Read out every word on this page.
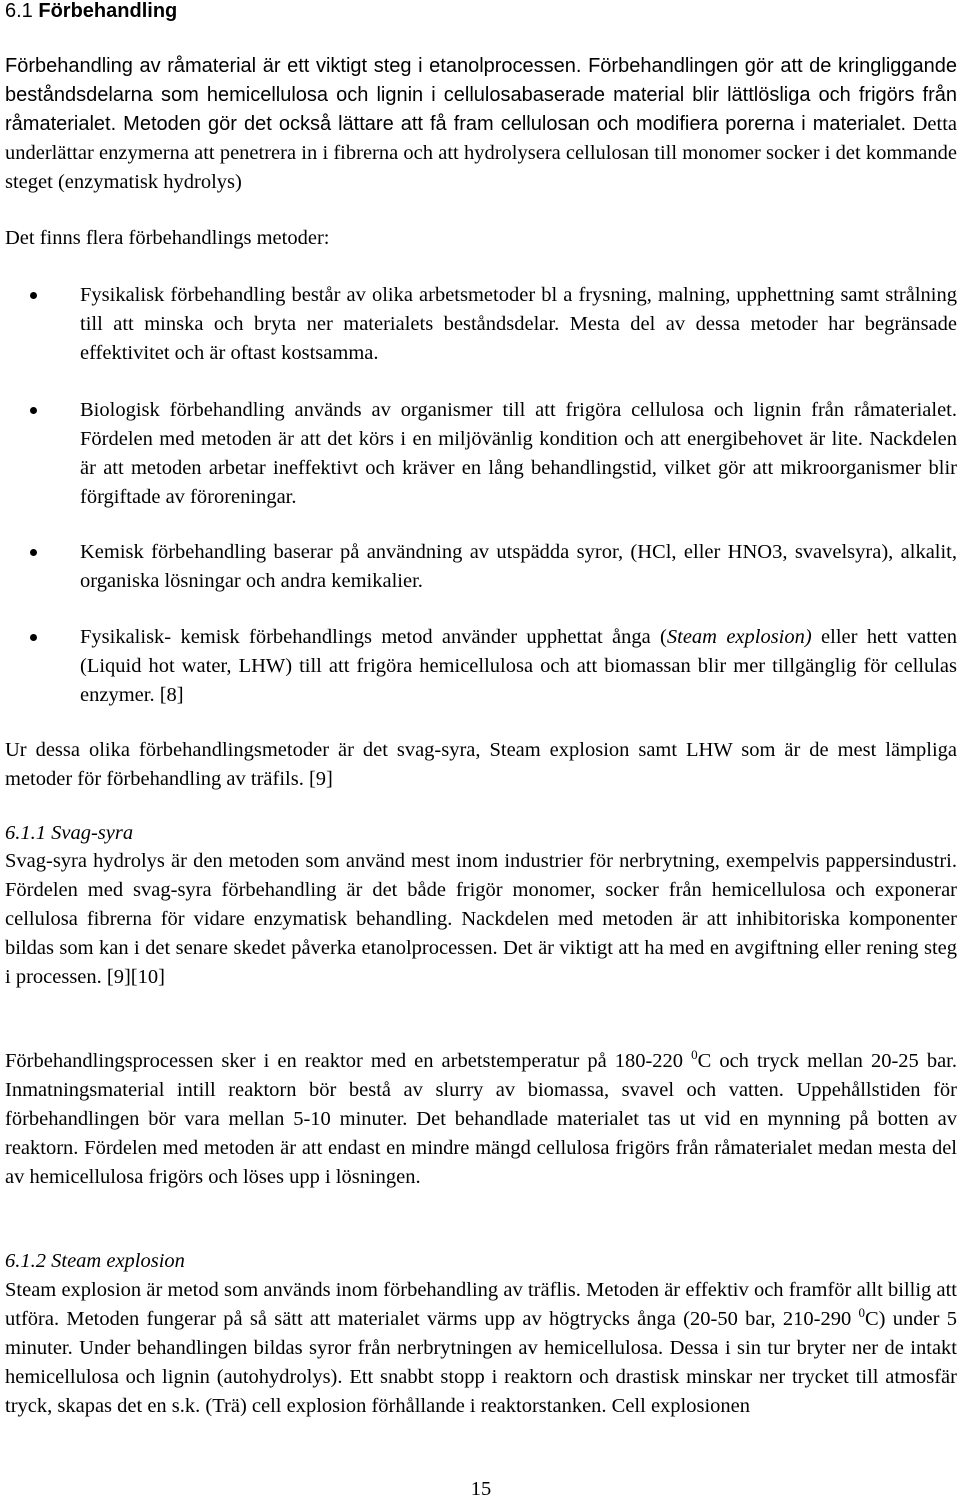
6.1 Förbehandling
Förbehandling av råmaterial är ett viktigt steg i etanolprocessen. Förbehandlingen gör att de kringliggande beståndsdelarna som hemicellulosa och lignin i cellulosabaserade material blir lättlösliga och frigörs från råmaterialet. Metoden gör det också lättare att få fram cellulosan och modifiera porerna i materialet. Detta underlättar enzymerna att penetrera in i fibrerna och att hydrolysera cellulosan till monomer socker i det kommande steget (enzymatisk hydrolys)
Det finns flera förbehandlings metoder:
Fysikalisk förbehandling består av olika arbetsmetoder bl a frysning, malning, upphettning samt strålning till att minska och bryta ner materialets beståndsdelar. Mesta del av dessa metoder har begränsade effektivitet och är oftast kostsamma.
Biologisk förbehandling används av organismer till att frigöra cellulosa och lignin från råmaterialet. Fördelen med metoden är att det körs i en miljövänlig kondition och att energibehovet är lite. Nackdelen är att metoden arbetar ineffektivt och kräver en lång behandlingstid, vilket gör att mikroorganismer blir förgiftade av föroreningar.
Kemisk förbehandling baserar på användning av utspädda syror, (HCl, eller HNO3, svavelsyra), alkalit, organiska lösningar och andra kemikalier.
Fysikalisk- kemisk förbehandlings metod använder upphettat ånga (Steam explosion) eller hett vatten (Liquid hot water, LHW) till att frigöra hemicellulosa och att biomassan blir mer tillgänglig för cellulas enzymer. [8]
Ur dessa olika förbehandlingsmetoder är det svag-syra, Steam explosion samt LHW som är de mest lämpliga metoder för förbehandling av träfils. [9]
6.1.1 Svag-syra
Svag-syra hydrolys är den metoden som använd mest inom industrier för nerbrytning, exempelvis pappersindustri. Fördelen med svag-syra förbehandling är det både frigör monomer, socker från hemicellulosa och exponerar cellulosa fibrerna för vidare enzymatisk behandling. Nackdelen med metoden är att inhibitoriska komponenter bildas som kan i det senare skedet påverka etanolprocessen. Det är viktigt att ha med en avgiftning eller rening steg i processen. [9][10]
Förbehandlingsprocessen sker i en reaktor med en arbetstemperatur på 180-220 $^0$C och tryck mellan 20-25 bar. Inmatningsmaterial intill reaktorn bör bestå av slurry av biomassa, svavel och vatten. Uppehållstiden för förbehandlingen bör vara mellan 5-10 minuter. Det behandlade materialet tas ut vid en mynning på botten av reaktorn. Fördelen med metoden är att endast en mindre mängd cellulosa frigörs från råmaterialet medan mesta del av hemicellulosa frigörs och löses upp i lösningen.
6.1.2 Steam explosion
Steam explosion är metod som används inom förbehandling av träflis. Metoden är effektiv och framför allt billig att utföra. Metoden fungerar på så sätt att materialet värms upp av högtrycks ånga (20-50 bar, 210-290 $^0$C) under 5 minuter. Under behandlingen bildas syror från nerbrytningen av hemicellulosa. Dessa i sin tur bryter ner de intakt hemicellulosa och lignin (autohydrolys). Ett snabbt stopp i reaktorn och drastisk minskar ner trycket till atmosfär tryck, skapas det en s.k. (Trä) cell explosion förhållande i reaktorstanken. Cell explosionen
15
